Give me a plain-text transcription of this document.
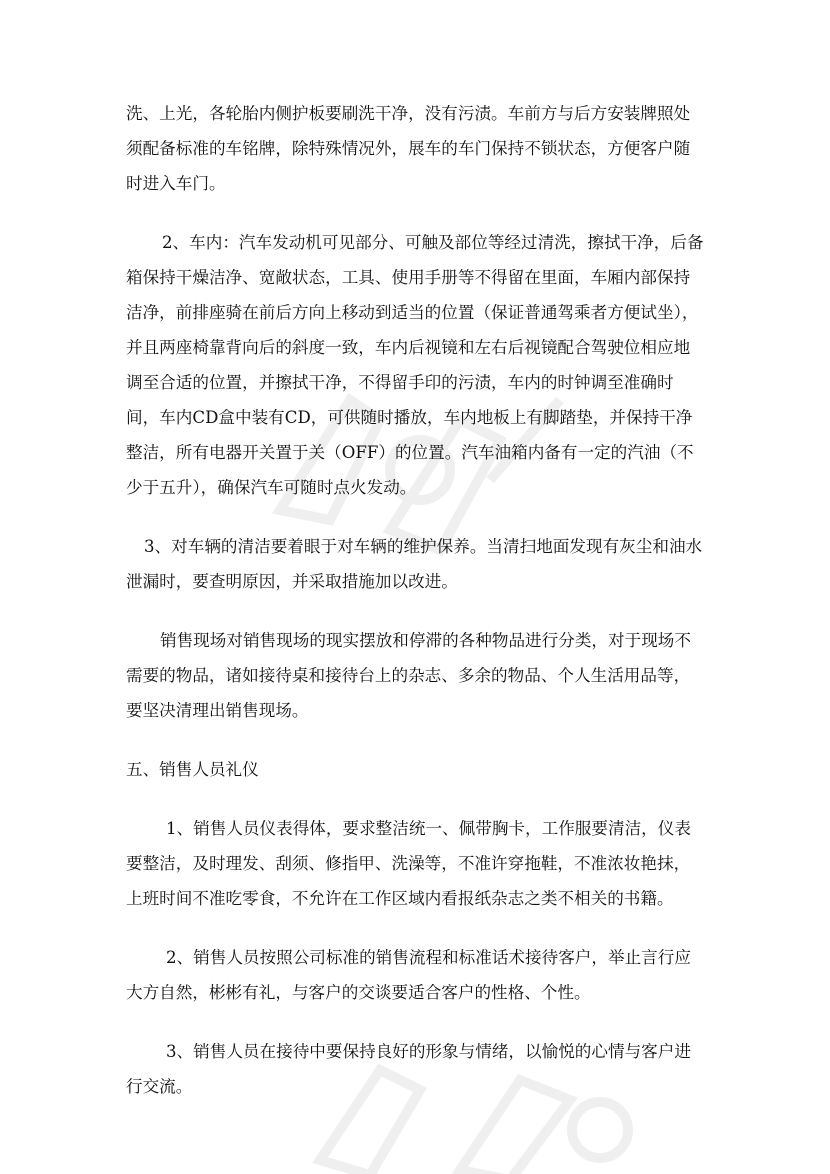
洗、上光，各轮胎内侧护板要刷洗干净，没有污渍。车前方与后方安装牌照处须配备标准的车铭牌，除特殊情况外，展车的车门保持不锁状态，方便客户随时进入车门。

2、车内：汽车发动机可见部分、可触及部位等经过清洗，擦拭干净，后备箱保持干燥洁净、宽敞状态，工具、使用手册等不得留在里面，车厢内部保持洁净，前排座骑在前后方向上移动到适当的位置（保证普通驾乘者方便试坐），并且两座椅靠背向后的斜度一致，车内后视镜和左右后视镜配合驾驶位相应地调至合适的位置，并擦拭干净，不得留手印的污渍，车内的时钟调至准确时间，车内CD盒中装有CD，可供随时播放，车内地板上有脚踏垫，并保持干净整洁，所有电器开关置于关（OFF）的位置。汽车油箱内备有一定的汽油（不少于五升），确保汽车可随时点火发动。

3、对车辆的清洁要着眼于对车辆的维护保养。当清扫地面发现有灰尘和油水泄漏时，要查明原因，并采取措施加以改进。

销售现场对销售现场的现实摆放和停滞的各种物品进行分类，对于现场不需要的物品，诸如接待桌和接待台上的杂志、多余的物品、个人生活用品等，要坚决清理出销售现场。

五、销售人员礼仪

1、销售人员仪表得体，要求整洁统一、佩带胸卡，工作服要清洁，仪表要整洁，及时理发、刮须、修指甲、洗澡等，不准许穿拖鞋，不准浓妆艳抹，上班时间不准吃零食，不允许在工作区域内看报纸杂志之类不相关的书籍。

2、销售人员按照公司标准的销售流程和标准话术接待客户，举止言行应大方自然，彬彬有礼，与客户的交谈要适合客户的性格、个性。

3、销售人员在接待中要保持良好的形象与情绪，以愉悦的心情与客户进行交流。
